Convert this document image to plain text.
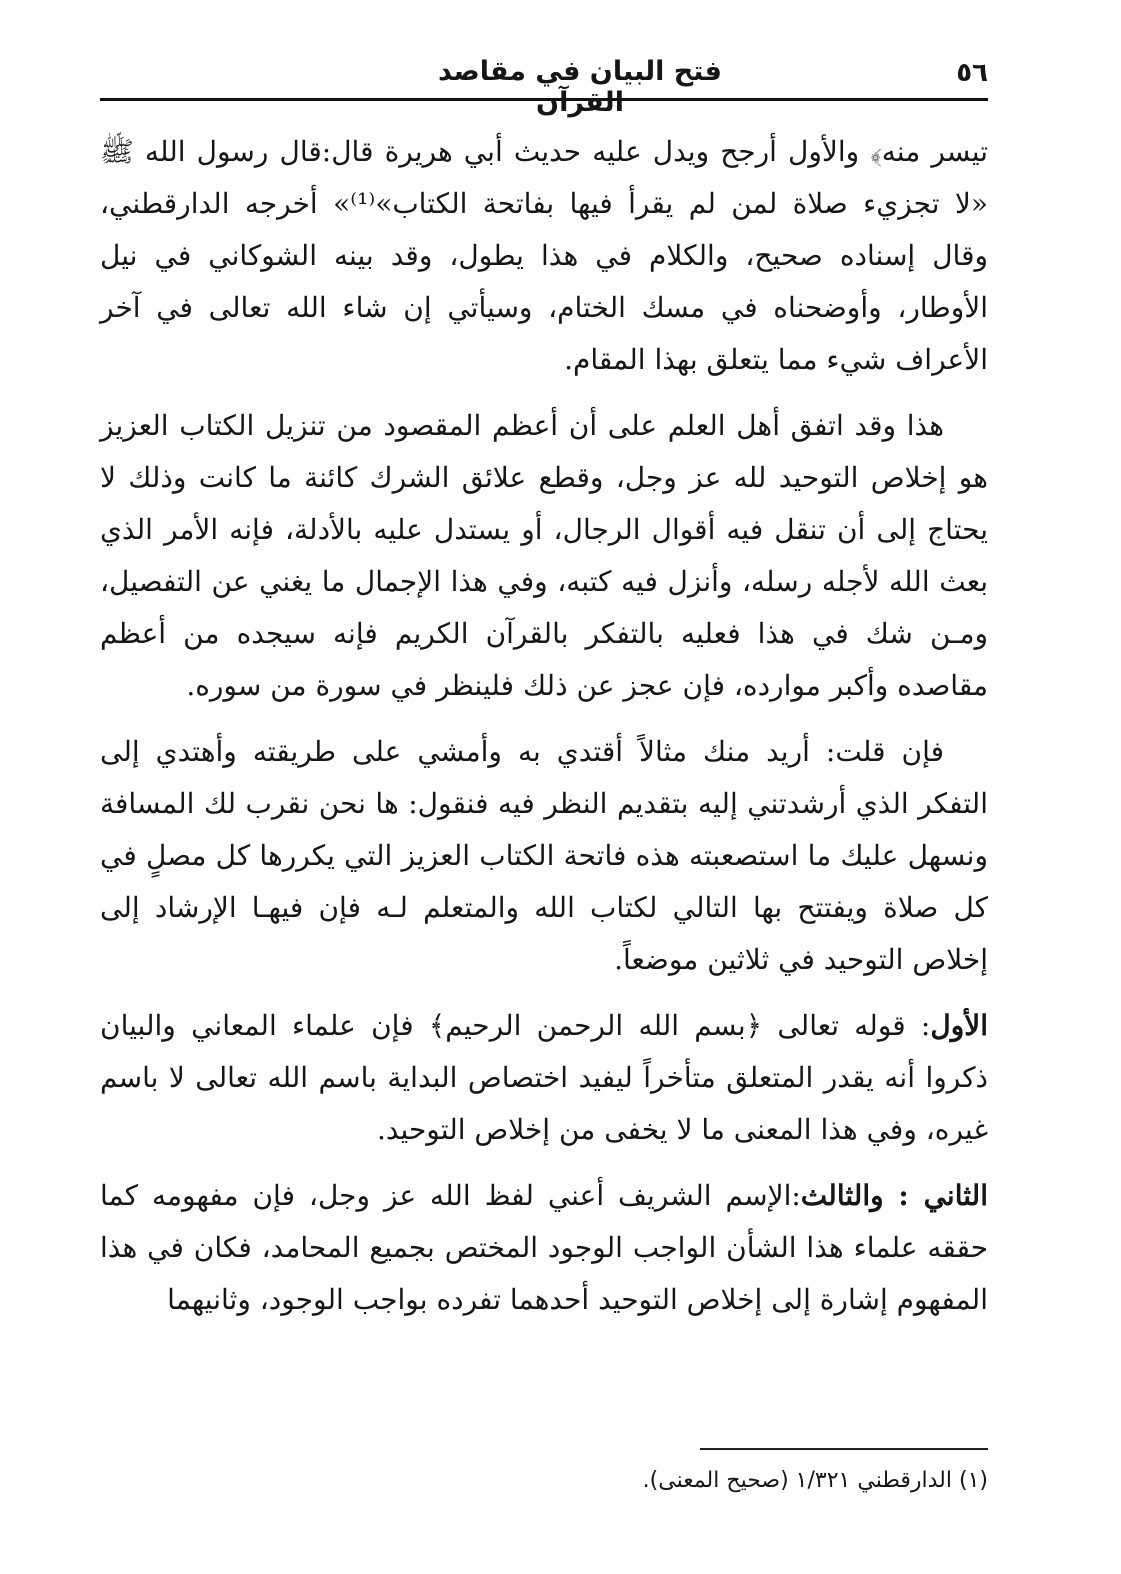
٥٦
فتح البيان في مقاصد القرآن

تيسر منه﴾ والأول أرجح ويدل عليه حديث أبي هريرة قال:قال رسول الله ﷺ «لا تجزيء صلاة لمن لم يقرأ فيها بفاتحة الكتاب»⁽¹⁾» أخرجه الدارقطني، وقال إسناده صحيح، والكلام في هذا يطول، وقد بينه الشوكاني في نيل الأوطار، وأوضحناه في مسك الختام، وسيأتي إن شاء الله تعالى في آخر الأعراف شيء مما يتعلق بهذا المقام.

هذا وقد اتفق أهل العلم على أن أعظم المقصود من تنزيل الكتاب العزيز هو إخلاص التوحيد لله عز وجل، وقطع علائق الشرك كائنة ما كانت وذلك لا يحتاج إلى أن تنقل فيه أقوال الرجال، أو يستدل عليه بالأدلة، فإنه الأمر الذي بعث الله لأجله رسله، وأنزل فيه كتبه، وفي هذا الإجمال ما يغني عن التفصيل، ومـن شك في هذا فعليه بالتفكر بالقرآن الكريم فإنه سيجده من أعظم مقاصده وأكبر موارده، فإن عجز عن ذلك فلينظر في سورة من سوره.

فإن قلت: أريد منك مثالاً أقتدي به وأمشي على طريقته وأهتدي إلى التفكر الذي أرشدتني إليه بتقديم النظر فيه فنقول: ها نحن نقرب لك المسافة ونسهل عليك ما استصعبته هذه فاتحة الكتاب العزيز التي يكررها كل مصلٍ في كل صلاة ويفتتح بها التالي لكتاب الله والمتعلم لـه فإن فيهـا الإرشاد إلى إخلاص التوحيد في ثلاثين موضعاً.

الأول: قوله تعالى ﴿بسم الله الرحمن الرحيم﴾ فإن علماء المعاني والبيان ذكروا أنه يقدر المتعلق متأخراً ليفيد اختصاص البداية باسم الله تعالى لا باسم غيره، وفي هذا المعنى ما لا يخفى من إخلاص التوحيد.

الثاني : والثالث:الإسم الشريف أعني لفظ الله عز وجل، فإن مفهومه كما حققه علماء هذا الشأن الواجب الوجود المختص بجميع المحامد، فكان في هذا المفهوم إشارة إلى إخلاص التوحيد أحدهما تفرده بواجب الوجود، وثانيهما

(١) الدارقطني ١/٣٢١ (صحيح المعنى).
